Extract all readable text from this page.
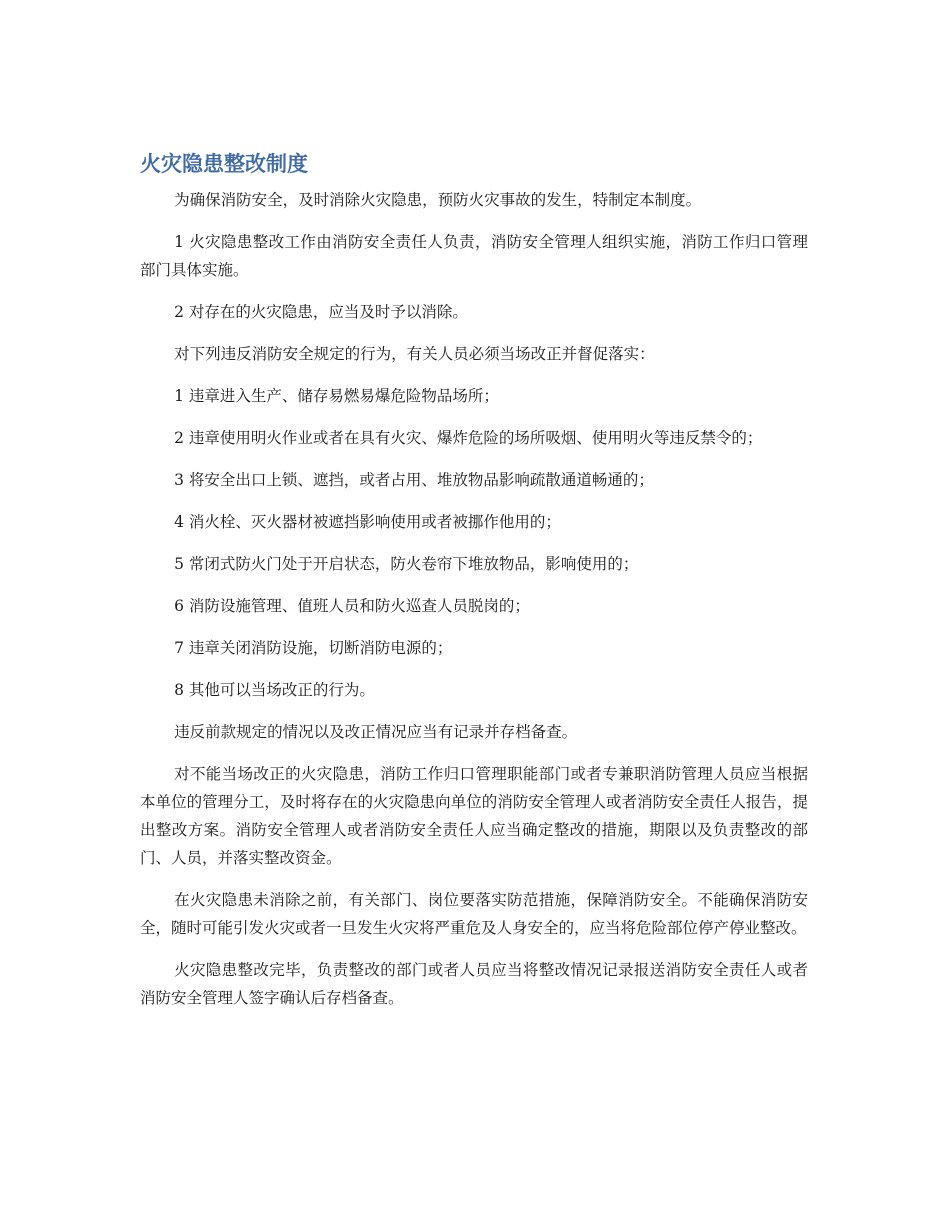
火灾隐患整改制度

为确保消防安全，及时消除火灾隐患，预防火灾事故的发生，特制定本制度。

1 火灾隐患整改工作由消防安全责任人负责，消防安全管理人组织实施，消防工作归口管理部门具体实施。

2 对存在的火灾隐患，应当及时予以消除。

对下列违反消防安全规定的行为，有关人员必须当场改正并督促落实：

1 违章进入生产、储存易燃易爆危险物品场所；

2 违章使用明火作业或者在具有火灾、爆炸危险的场所吸烟、使用明火等违反禁令的；

3 将安全出口上锁、遮挡，或者占用、堆放物品影响疏散通道畅通的；

4 消火栓、灭火器材被遮挡影响使用或者被挪作他用的；

5 常闭式防火门处于开启状态，防火卷帘下堆放物品，影响使用的；

6 消防设施管理、值班人员和防火巡查人员脱岗的；

7 违章关闭消防设施，切断消防电源的；

8 其他可以当场改正的行为。

违反前款规定的情况以及改正情况应当有记录并存档备查。

对不能当场改正的火灾隐患，消防工作归口管理职能部门或者专兼职消防管理人员应当根据本单位的管理分工，及时将存在的火灾隐患向单位的消防安全管理人或者消防安全责任人报告，提出整改方案。消防安全管理人或者消防安全责任人应当确定整改的措施，期限以及负责整改的部门、人员，并落实整改资金。

在火灾隐患未消除之前，有关部门、岗位要落实防范措施，保障消防安全。不能确保消防安全，随时可能引发火灾或者一旦发生火灾将严重危及人身安全的，应当将危险部位停产停业整改。

火灾隐患整改完毕，负责整改的部门或者人员应当将整改情况记录报送消防安全责任人或者消防安全管理人签字确认后存档备查。
